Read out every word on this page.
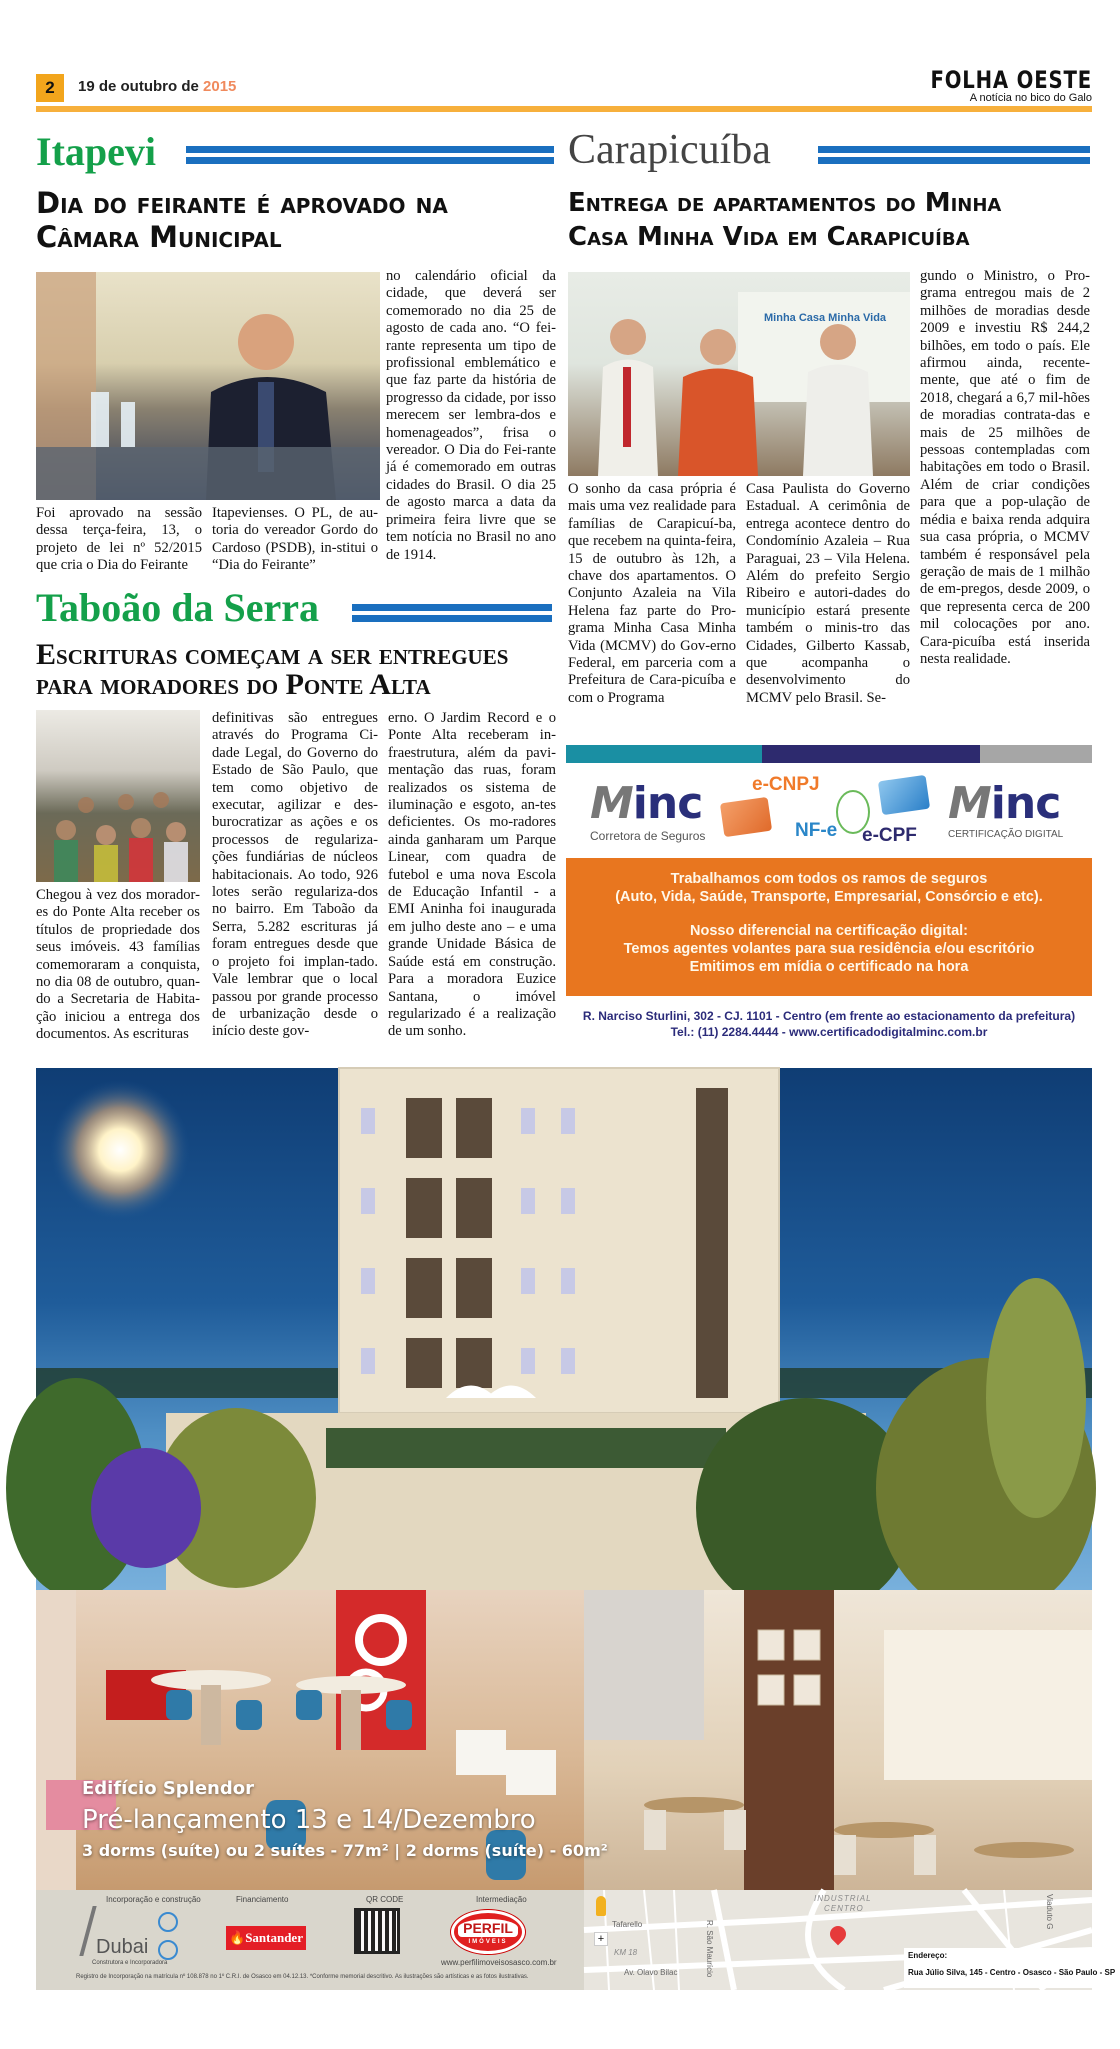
2	19 de outubro de 2015	FOLHA OESTE
A notícia no bico do Galo
Itapevi
Dia do feirante é aprovado na
Câmara Municipal
Foi aprovado na sessão dessa terça-feira, 13, o projeto de lei nº 52/2015 que cria o Dia do Feirante
Itapevienses. O PL, de au-toria do vereador Gordo do Cardoso (PSDB), in-stitui o “Dia do Feirante”
no calendário oficial da cidade, que deverá ser comemorado no dia 25 de agosto de cada ano. “O fei-rante representa um tipo de profissional emblemático e que faz parte da história de progresso da cidade, por isso merecem ser lembra-dos e homenageados”, frisa o vereador. O Dia do Fei-rante já é comemorado em outras cidades do Brasil. O dia 25 de agosto marca a data da primeira feira livre que se tem notícia no Brasil no ano de 1914.
Taboão da Serra
Escrituras começam a ser entregues
para moradores do Ponte Alta
Chegou à vez dos morador-es do Ponte Alta receber os títulos de propriedade dos seus imóveis. 43 famílias comemoraram a conquista, no dia 08 de outubro, quan-do a Secretaria de Habita-ção iniciou a entrega dos documentos. As escrituras
definitivas são entregues através do Programa Ci-dade Legal, do Governo do Estado de São Paulo, que tem como objetivo de executar, agilizar e des-burocratizar as ações e os processos de regulariza-ções fundiárias de núcleos habitacionais. Ao todo, 926 lotes serão regulariza-dos no bairro. Em Taboão da Serra, 5.282 escrituras já foram entregues desde que o projeto foi implan-tado. Vale lembrar que o local passou por grande processo de urbanização desde o início deste gov-
erno. O Jardim Record e o Ponte Alta receberam in-fraestrutura, além da pavi-mentação das ruas, foram realizados os sistema de iluminação e esgoto, an-tes deficientes. Os mo-radores ainda ganharam um Parque Linear, com quadra de futebol e uma nova Escola de Educação Infantil - a EMI Aninha foi inaugurada em julho deste ano – e uma grande Unidade Básica de Saúde está em construção. Para a moradora Euzice Santana, o imóvel regularizado é a realização de um sonho.
Carapicuíba
Entrega de apartamentos do Minha
Casa Minha Vida em Carapicuíba
Minha Casa Minha Vida
O sonho da casa própria é mais uma vez realidade para famílias de Carapicuí-ba, que recebem na quinta-feira, 15 de outubro às 12h, a chave dos apartamentos. O Conjunto Azaleia na Vila Helena faz parte do Pro-grama Minha Casa Minha Vida (MCMV) do Gov-erno Federal, em parceria com a Prefeitura de Cara-picuíba e com o Programa
Casa Paulista do Governo Estadual. A cerimônia de entrega acontece dentro do Condomínio Azaleia – Rua Paraguai, 23 – Vila Helena. Além do prefeito Sergio Ribeiro e autori-dades do município estará presente também o minis-tro das Cidades, Gilberto Kassab, que acompanha o desenvolvimento do MCMV pelo Brasil. Se-
gundo o Ministro, o Pro-grama entregou mais de 2 milhões de moradias desde 2009 e investiu R$ 244,2 bilhões, em todo o país. Ele afirmou ainda, recente-mente, que até o fim de 2018, chegará a 6,7 mil-hões de moradias contrata-das e mais de 25 milhões de pessoas contempladas com habitações em todo o Brasil. Além de criar condições para que a pop-ulação de média e baixa renda adquira sua casa própria, o MCMV também é responsável pela geração de mais de 1 milhão de em-pregos, desde 2009, o que representa cerca de 200 mil colocações por ano. Cara-picuíba está inserida nesta realidade.
Minc
Corretora de Seguros
e-CNPJ
NF-e e-CPF
Minc
CERTIFICAÇÃO DIGITAL
Trabalhamos com todos os ramos de seguros
(Auto, Vida, Saúde, Transporte, Empresarial, Consórcio e etc).
Nosso diferencial na certificação digital:
Temos agentes volantes para sua residência e/ou escritório
Emitimos em mídia o certificado na hora
R. Narciso Sturlini, 302 - CJ. 1101 - Centro (em frente ao estacionamento da prefeitura)
Tel.: (11) 2284.4444 - www.certificadodigitalminc.com.br
Edifício Splendor
Pré-lançamento 13 e 14/Dezembro
3 dorms (suíte) ou 2 suítes - 77m² | 2 dorms (suíte) - 60m²
Incorporação e construção	Financiamento	QR CODE	Intermediação
Dubai
Construtora e Incorporadora
🔥Santander
PERFIL
IMÓVEIS
www.perfilimoveisosasco.com.br
Registro de Incorporação na matrícula nº 108.878 no 1º C.R.I. de Osasco em 04.12.13. *Conforme memorial descritivo. As ilustrações são artísticas e as fotos ilustrativas.
+
INDUSTRIAL
CENTRO
R. São Maurício
Av. Olavo Bilac
Viaduto G
KM 18
Tafarello
Endereço:
Rua Júlio Silva, 145 - Centro - Osasco - São Paulo - SP
